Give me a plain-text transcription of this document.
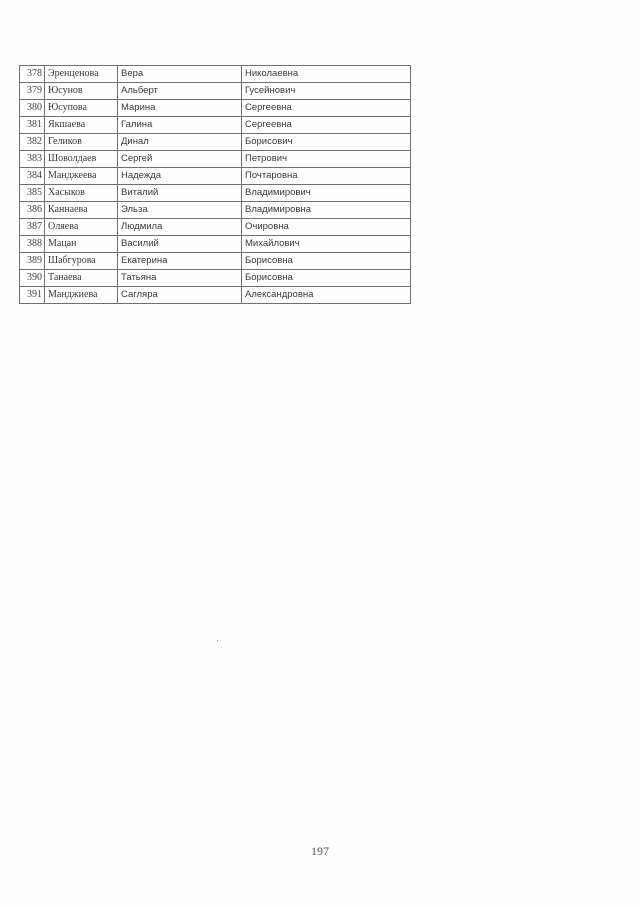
378	Эренценова	Вера	Николаевна
379	Юсунов	Альберт	Гусейнович
380	Юсупова	Марина	Сергеевна
381	Якшаева	Галина	Сергеевна
382	Геликов	Динал	Борисович
383	Шоволдаев	Сергей	Петрович
384	Манджеева	Надежда	Почтаровна
385	Хасыков	Виталий	Владимирович
386	Каннаева	Эльза	Владимировна
387	Оляева	Людмила	Очировна
388	Мацан	Василий	Михайлович
389	Шабгурова	Екатерина	Борисовна
390	Танаева	Татьяна	Борисовна
391	Манджиева	Сагляра	Александровна
197
